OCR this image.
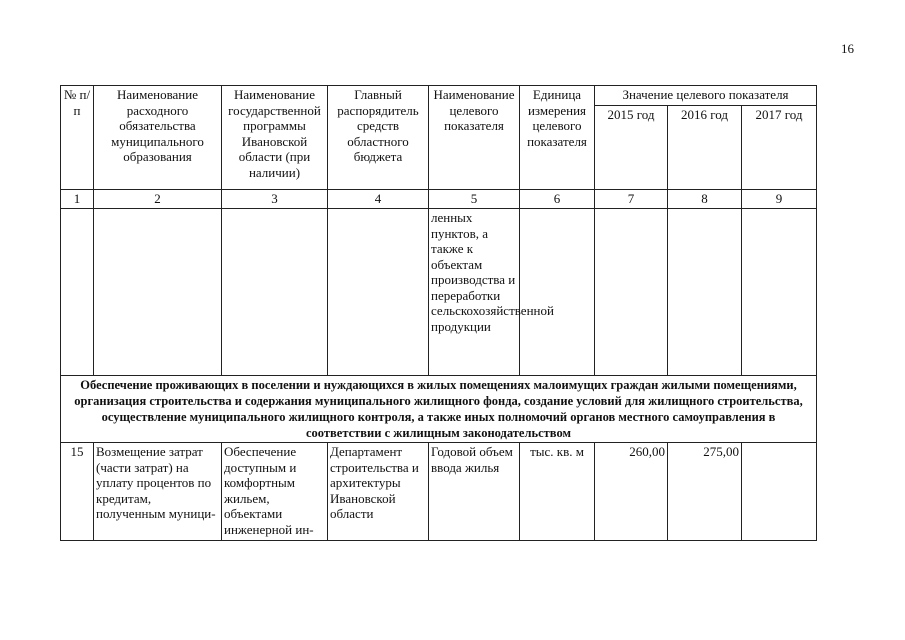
16
№ п/п	Наименование расходного обязательства муниципального образования	Наименование государственной программы Ивановской области (при наличии)	Главный распорядитель средств областного бюджета	Наименование целевого показателя	Единица измерения целевого показателя	Значение целевого показателя		
						2015 год	2016 год	2017 год
1	2	3	4	5	6	7	8	9
				ленных пунктов, а также к объектам производства и переработки сельскохозяйственной продукции				
Обеспечение проживающих в поселении и нуждающихся в жилых помещениях малоимущих граждан жилыми помещениями, организация строительства и содержания муниципального жилищного фонда, создание условий для жилищного строительства, осуществление муниципального жилищного контроля, а также иных полномочий органов местного самоуправления в соответствии с жилищным законодательством								
15	Возмещение затрат (части затрат) на уплату процентов по кредитам, полученным муници-	Обеспечение доступным и комфортным жильем, объектами инженерной ин-	Департамент строительства и архитектуры Ивановской области	Годовой объем ввода жилья	тыс. кв. м	260,00	275,00	
